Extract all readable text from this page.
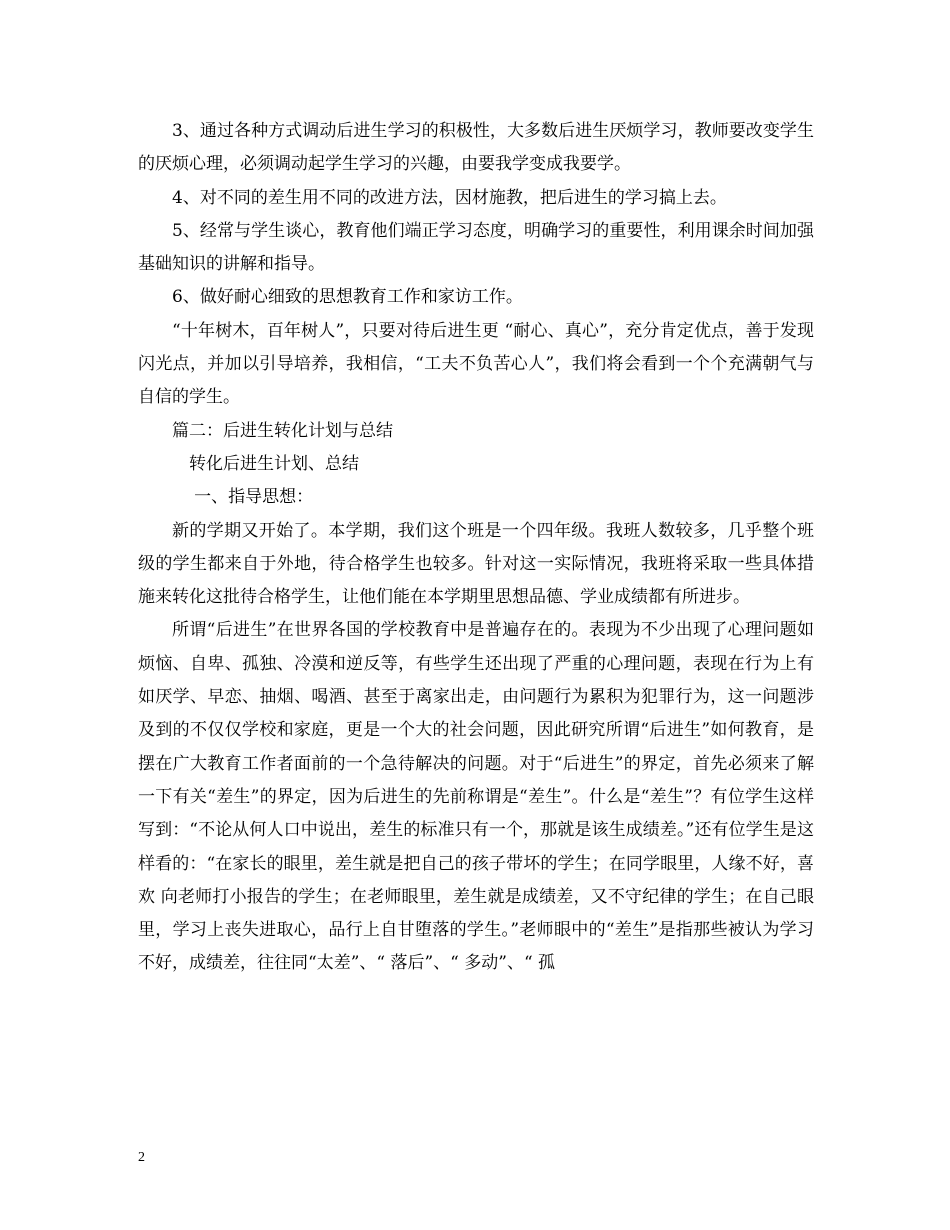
3、通过各种方式调动后进生学习的积极性，大多数后进生厌烦学习，教师要改变学生的厌烦心理，必须调动起学生学习的兴趣，由要我学变成我要学。

4、对不同的差生用不同的改进方法，因材施教，把后进生的学习搞上去。

5、经常与学生谈心，教育他们端正学习态度，明确学习的重要性，利用课余时间加强基础知识的讲解和指导。

6、做好耐心细致的思想教育工作和家访工作。

“十年树木，百年树人”，只要对待后进生更 “耐心、真心”，充分肯定优点，善于发现闪光点，并加以引导培养，我相信，“工夫不负苦心人”，我们将会看到一个个充满朝气与自信的学生。

篇二：后进生转化计划与总结

转化后进生计划、总结

一、指导思想：

新的学期又开始了。本学期，我们这个班是一个四年级。我班人数较多，几乎整个班级的学生都来自于外地，待合格学生也较多。针对这一实际情况，我班将采取一些具体措施来转化这批待合格学生，让他们能在本学期里思想品德、学业成绩都有所进步。

所谓“后进生”在世界各国的学校教育中是普遍存在的。表现为不少出现了心理问题如烦恼、自卑、孤独、冷漠和逆反等，有些学生还出现了严重的心理问题，表现在行为上有如厌学、早恋、抽烟、喝酒、甚至于离家出走，由问题行为累积为犯罪行为，这一问题涉及到的不仅仅学校和家庭，更是一个大的社会问题，因此研究所谓“后进生”如何教育，是摆在广大教育工作者面前的一个急待解决的问题。对于“后进生”的界定，首先必须来了解一下有关“差生”的界定，因为后进生的先前称谓是“差生”。什么是“差生”？有位学生这样写到：“不论从何人口中说出，差生的标准只有一个，那就是该生成绩差。”还有位学生是这样看的：“在家长的眼里，差生就是把自己的孩子带坏的学生；在同学眼里，人缘不好，喜欢 向老师打小报告的学生；在老师眼里，差生就是成绩差，又不守纪律的学生；在自己眼里，学习上丧失进取心，品行上自甘堕落的学生。”老师眼中的“差生”是指那些被认为学习不好，成绩差，往往同“太差”、“ 落后”、“ 多动”、“ 孤

2
